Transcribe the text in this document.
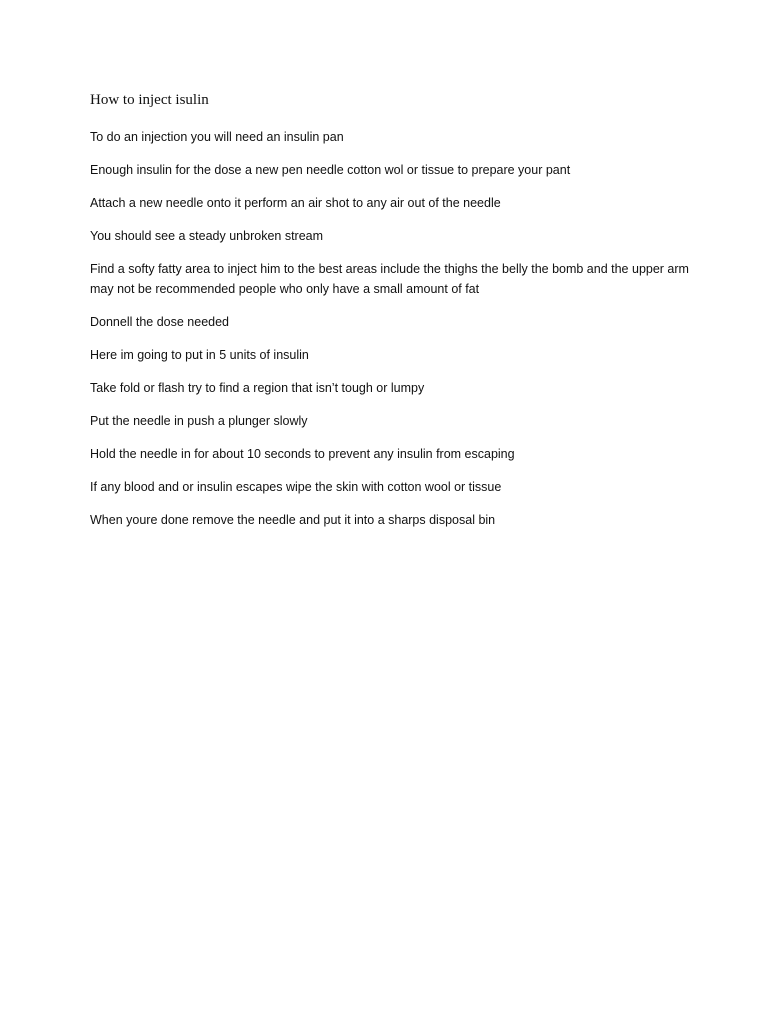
How to inject isulin

To do an injection you will need an insulin pan

Enough insulin for the dose a new pen needle cotton wol or tissue to prepare your pant

Attach a new needle onto it perform an air shot to any air out of the needle

You should see a steady unbroken stream

Find a softy fatty area to inject him to the best areas include the thighs the belly the bomb and the upper arm may not be recommended people who only have a small amount of fat

Donnell the dose needed

Here im going to put in 5 units of insulin

Take fold or flash try to find a region that isn’t tough or lumpy

Put the needle in push a plunger slowly

Hold the needle in for about 10 seconds to prevent any insulin from escaping

If any blood and or insulin escapes wipe the skin with cotton wool or tissue

When youre done remove the needle and put it into a sharps disposal bin
